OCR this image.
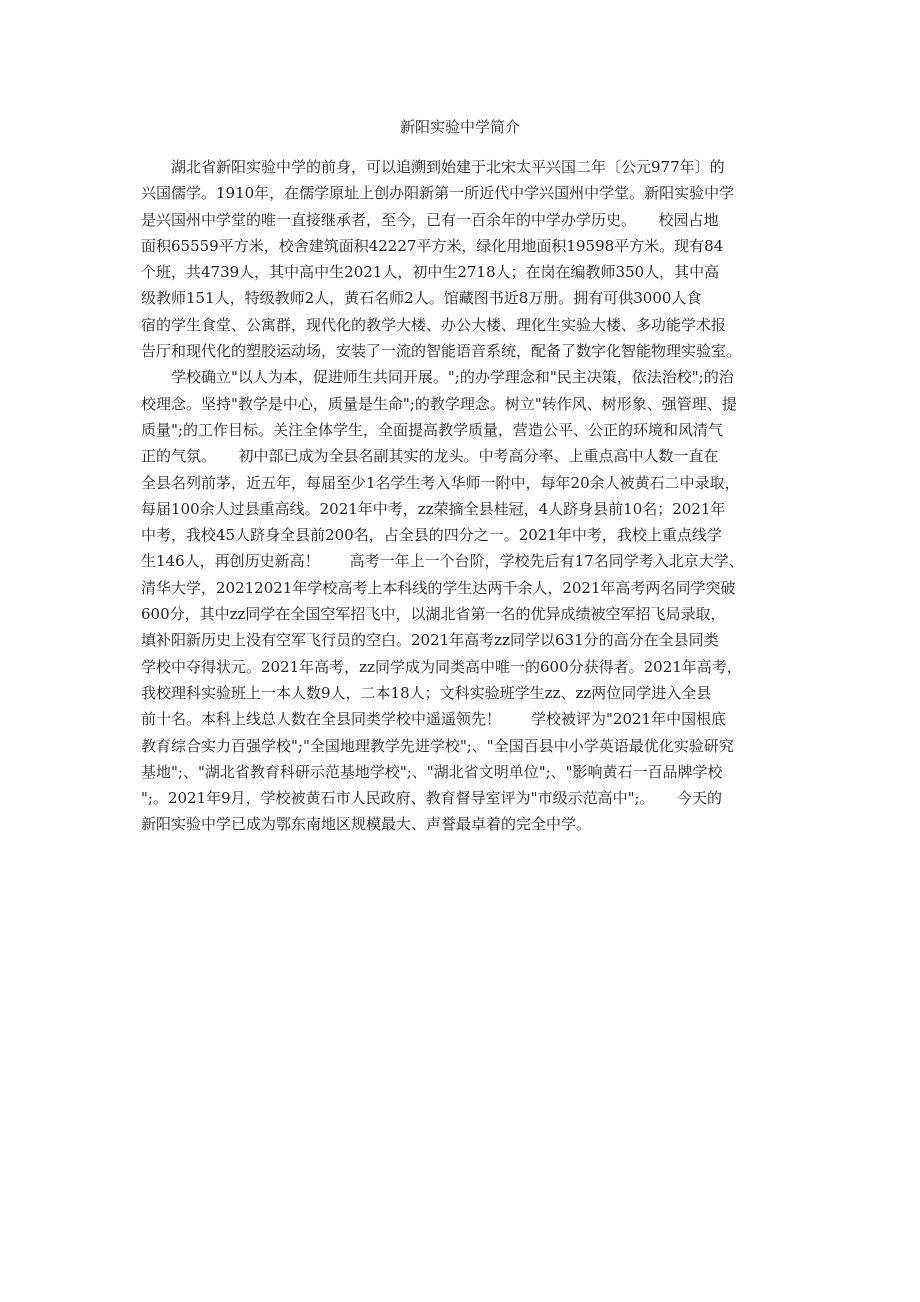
新阳实验中学简介
　　湖北省新阳实验中学的前身，可以追溯到始建于北宋太平兴国二年〔公元977年〕的
兴国儒学。1910年，在儒学原址上创办阳新第一所近代中学兴国州中学堂。新阳实验中学
是兴国州中学堂的唯一直接继承者，至今，已有一百余年的中学办学历史。　　校园占地
面积65559平方米，校舍建筑面积42227平方米，绿化用地面积19598平方米。现有84
个班，共4739人，其中高中生2021人，初中生2718人；在岗在编教师350人，其中高
级教师151人，特级教师2人，黄石名师2人。馆藏图书近8万册。拥有可供3000人食
宿的学生食堂、公寓群，现代化的教学大楼、办公大楼、理化生实验大楼、多功能学术报
告厅和现代化的塑胶运动场，安装了一流的智能语音系统，配备了数字化智能物理实验室。
　　学校确立"以人为本，促进师生共同开展。";的办学理念和"民主决策，依法治校";的治
校理念。坚持"教学是中心，质量是生命";的教学理念。树立"转作风、树形象、强管理、提
质量";的工作目标。关注全体学生，全面提高教学质量，营造公平、公正的环境和风清气
正的气氛。　　初中部已成为全县名副其实的龙头。中考高分率、上重点高中人数一直在
全县名列前茅，近五年，每届至少1名学生考入华师一附中，每年20余人被黄石二中录取，
每届100余人过县重高线。2021年中考，zz荣摘全县桂冠，4人跻身县前10名；2021年
中考，我校45人跻身全县前200名，占全县的四分之一。2021年中考，我校上重点线学
生146人，再创历史新高！　　高考一年上一个台阶，学校先后有17名同学考入北京大学、
清华大学，20212021年学校高考上本科线的学生达两千余人，2021年高考两名同学突破
600分，其中zz同学在全国空军招飞中，以湖北省第一名的优异成绩被空军招飞局录取，
填补阳新历史上没有空军飞行员的空白。2021年高考zz同学以631分的高分在全县同类
学校中夺得状元。2021年高考，zz同学成为同类高中唯一的600分获得者。2021年高考，
我校理科实验班上一本人数9人，二本18人；文科实验班学生zz、zz两位同学进入全县
前十名。本科上线总人数在全县同类学校中遥遥领先！　　学校被评为"2021年中国根底
教育综合实力百强学校";"全国地理教学先进学校";、"全国百县中小学英语最优化实验研究
基地";、"湖北省教育科研示范基地学校";、"湖北省文明单位";、"影响黄石一百品牌学校
";。2021年9月，学校被黄石市人民政府、教育督导室评为"市级示范高中";。　　今天的
新阳实验中学已成为鄂东南地区规模最大、声誉最卓着的完全中学。
